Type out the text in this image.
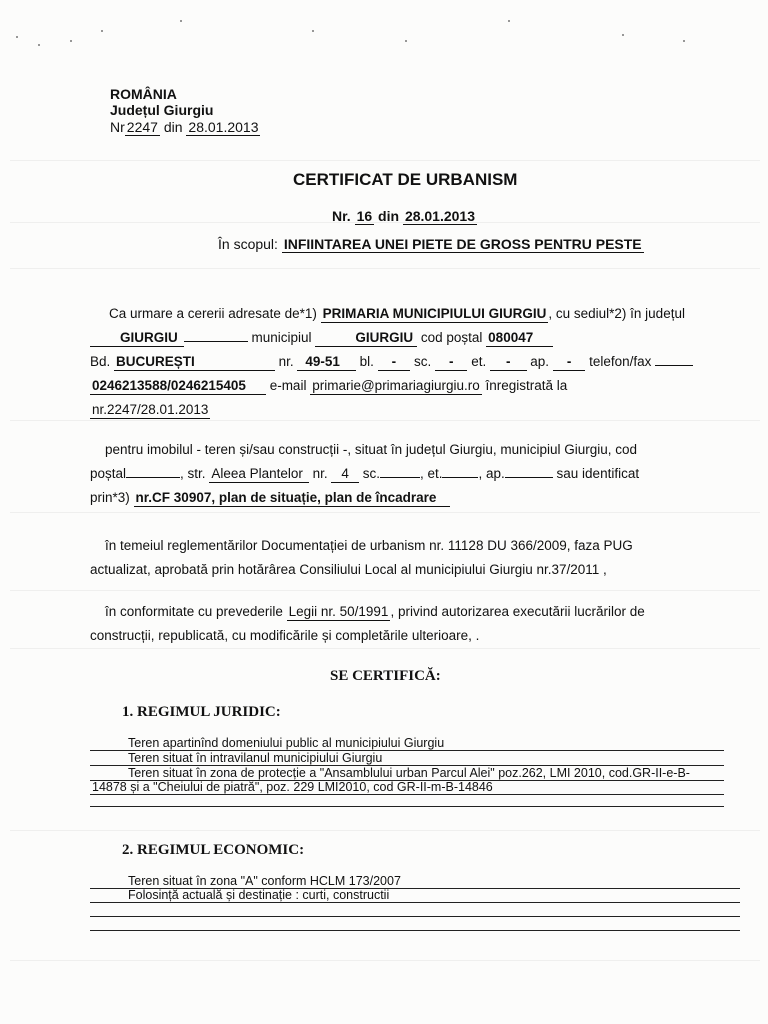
ROMÂNIA
Județul Giurgiu
Nr 2247 din 28.01.2013
CERTIFICAT DE URBANISM
Nr. 16 din 28.01.2013
În scopul: INFIINTAREA UNEI PIETE DE GROSS PENTRU PESTE
Ca urmare a cererii adresate de*1) PRIMARIA MUNICIPIULUI GIURGIU , cu sediul*2) în județul
GIURGIU	municipiul	GIURGIU cod poștal 080047
Bd. BUCUREȘTI	nr. 49-51 bl. - sc. - et. - ap. - telefon/fax
0246213588/0246215405 e-mail primarie@primariagiurgiu.ro înregistrată la
nr.2247/28.01.2013
pentru imobilul - teren și/sau construcții -, situat în județul Giurgiu, municipiul Giurgiu, cod
poștal	, str. Aleea Plantelor nr. 4 sc.	, et.	, ap.	sau identificat
prin*3) nr.CF 30907, plan de situație, plan de încadrare
în temeiul reglementărilor Documentației de urbanism nr. 11128 DU 366/2009, faza PUG
actualizat, aprobată prin hotărârea Consiliului Local al municipiului Giurgiu nr.37/2011 ,
în conformitate cu prevederile Legii nr. 50/1991 , privind autorizarea executării lucrărilor de
construcții, republicată, cu modificările și completările ulterioare, .
SE CERTIFICĂ:
1. REGIMUL JURIDIC:
Teren apartinînd domeniului public al municipiului Giurgiu
Teren situat în intravilanul municipiului Giurgiu
Teren situat în zona de protecție a "Ansamblului urban Parcul Alei" poz.262, LMI 2010, cod.GR-II-e-B-
14878 și a "Cheiului de piatră", poz. 229 LMI2010, cod GR-II-m-B-14846
2. REGIMUL ECONOMIC:
Teren situat în zona "A" conform HCLM 173/2007
Folosință actuală și destinație : curti, constructii
